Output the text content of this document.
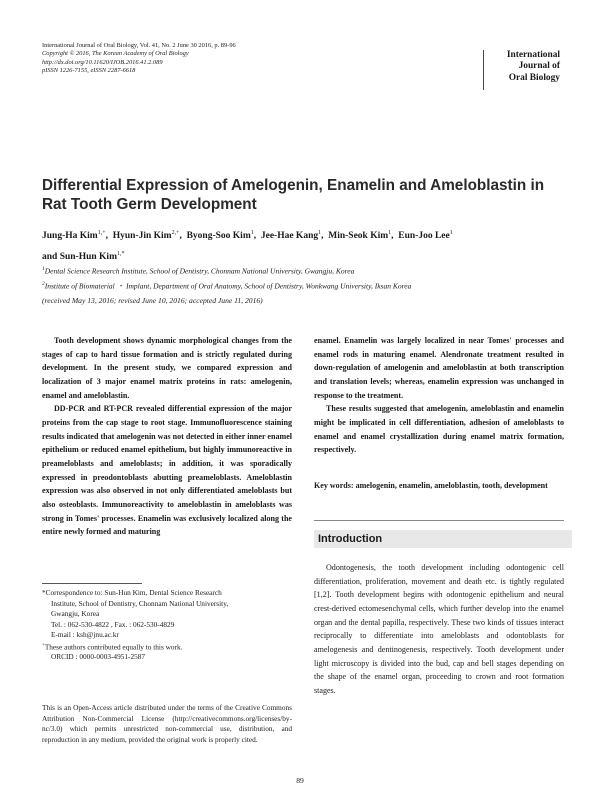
International Journal of Oral Biology, Vol. 41, No. 2 June 30 2016, p. 89-96
Copyright © 2016, The Korean Academy of Oral Biology
http://dx.doi.org/10.11620/IJOB.2016.41.2.089
pISSN 1226-7155, eISSN 2287-6618
International
Journal of
Oral Biology
Differential Expression of Amelogenin, Enamelin and Ameloblastin in Rat Tooth Germ Development
Jung-Ha Kim$^{1,+}$,  Hyun-Jin Kim$^{2,+}$,  Byong-Soo Kim$^1$,  Jee-Hae Kang$^1$,  Min-Seok Kim$^1$,  Eun-Joo Lee$^1$
and Sun-Hun Kim$^{1,*}$
$^1$Dental Science Research Institute, School of Dentistry, Chonnam National University, Gwangju, Korea
$^2$Institute of Biomaterial ・ Implant, Department of Oral Anatomy, School of Dentistry, Wonkwang University, Iksan Korea
(received May 13, 2016; revised June 10, 2016; accepted June 11, 2016)

Tooth development shows dynamic morphological changes from the stages of cap to hard tissue formation and is strictly regulated during development. In the present study, we compared expression and localization of 3 major enamel matrix proteins in rats: amelogenin, enamel and ameloblastin.

DD-PCR and RT-PCR revealed differential expression of the major proteins from the cap stage to root stage. Immunofluorescence staining results indicated that amelogenin was not detected in either inner enamel epithelium or reduced enamel epithelium, but highly immunoreactive in preameloblasts and ameloblasts; in addition, it was sporadically expressed in preodontoblasts abutting preameloblasts. Ameloblastin expression was also observed in not only differentiated ameloblasts but also osteoblasts. Immunoreactivity to ameloblastin in ameloblasts was strong in Tomes' processes. Enamelin was exclusively localized along the entire newly formed and maturing

enamel. Enamelin was largely localized in near Tomes' processes and enamel rods in maturing enamel. Alendronate treatment resulted in down-regulation of amelogenin and ameloblastin at both transcription and translation levels; whereas, enamelin expression was unchanged in response to the treatment.

These results suggested that amelogenin, ameloblastin and enamelin might be implicated in cell differentiation, adhesion of ameloblasts to enamel and enamel crystallization during enamel matrix formation, respectively.

Key words: amelogenin, enamelin, ameloblastin, tooth, development
Introduction

Odontogenesis, the tooth development including odontogenic cell differentiation, proliferation, movement and death etc. is tightly regulated [1,2]. Tooth development begins with odontogenic epithelium and neural crest-derived ectomesenchymal cells, which further develop into the enamel organ and the dental papilla, respectively. These two kinds of tissues interact reciprocally to differentiate into ameloblasts and odontoblasts for amelogenesis and dentinogenesis, respectively. Tooth development under light microscopy is divided into the bud, cap and bell stages depending on the shape of the enamel organ, proceeding to crown and root formation stages.

*Correspondence to: Sun-Hun Kim, Dental Science Research

Institute, School of Dentistry, Chonnam National University,

Gwangju, Korea

Tel. : 062-530-4822 , Fax. : 062-530-4829

E-mail : ksh@jnu.ac.kr

+These authors contributed equally to this work.

ORCID : 0000-0003-4951-2587

This is an Open-Access article distributed under the terms of the Creative Commons Attribution Non-Commercial License (http://creativecommons.org/licenses/by-nc/3.0) which permits unrestricted non-commercial use, distribution, and reproduction in any medium, provided the original work is properly cited.
89
